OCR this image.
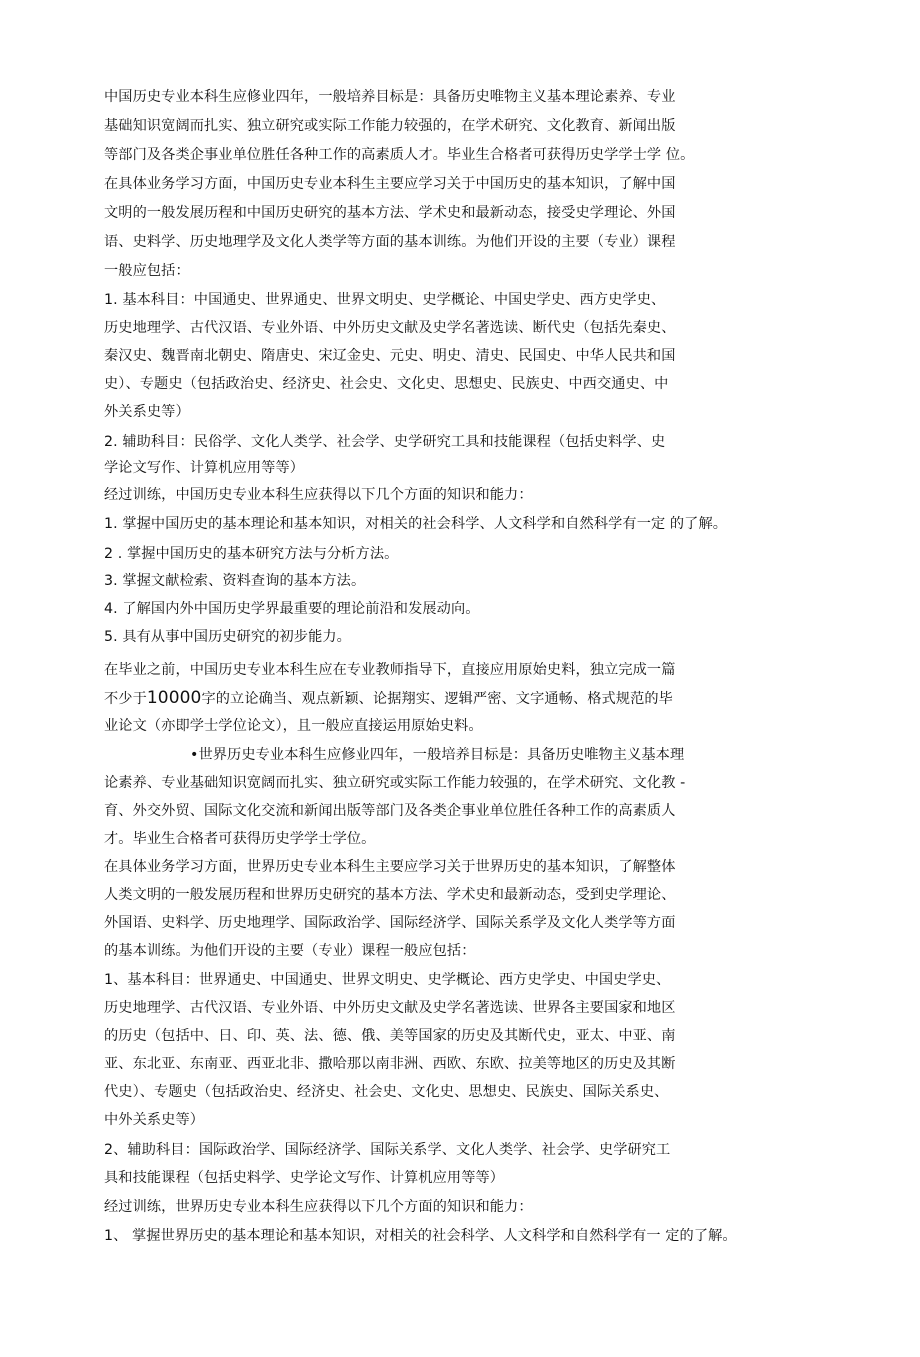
中国历史专业本科生应修业四年，一般培养目标是：具备历史唯物主义基本理论素养、专业

基础知识宽阔而扎实、独立研究或实际工作能力较强的，在学术研究、文化教育、新闻出版

等部门及各类企事业单位胜任各种工作的高素质人才。毕业生合格者可获得历史学学士学 位。

在具体业务学习方面，中国历史专业本科生主要应学习关于中国历史的基本知识，了解中国

文明的一般发展历程和中国历史研究的基本方法、学术史和最新动态，接受史学理论、外国

语、史料学、历史地理学及文化人类学等方面的基本训练。为他们开设的主要（专业）课程

一般应包括：

1. 基本科目：中国通史、世界通史、世界文明史、史学概论、中国史学史、西方史学史、

历史地理学、古代汉语、专业外语、中外历史文献及史学名著选读、断代史（包括先秦史、

秦汉史、魏晋南北朝史、隋唐史、宋辽金史、元史、明史、清史、民国史、中华人民共和国

史）、专题史（包括政治史、经济史、社会史、文化史、思想史、民族史、中西交通史、中

外关系史等）

2. 辅助科目：民俗学、文化人类学、社会学、史学研究工具和技能课程（包括史料学、史

学论文写作、计算机应用等等）

经过训练，中国历史专业本科生应获得以下几个方面的知识和能力：

1. 掌握中国历史的基本理论和基本知识，对相关的社会科学、人文科学和自然科学有一定 的了解。

2 . 掌握中国历史的基本研究方法与分析方法。

3. 掌握文献检索、资料查询的基本方法。

4. 了解国内外中国历史学界最重要的理论前沿和发展动向。

5. 具有从事中国历史研究的初步能力。

在毕业之前，中国历史专业本科生应在专业教师指导下，直接应用原始史料，独立完成一篇

不少于10000字的立论确当、观点新颖、论据翔实、逻辑严密、文字通畅、格式规范的毕

业论文（亦即学士学位论文），且一般应直接运用原始史料。

•世界历史专业本科生应修业四年，一般培养目标是：具备历史唯物主义基本理

论素养、专业基础知识宽阔而扎实、独立研究或实际工作能力较强的，在学术研究、文化教 -

育、外交外贸、国际文化交流和新闻出版等部门及各类企事业单位胜任各种工作的高素质人

才。毕业生合格者可获得历史学学士学位。

在具体业务学习方面，世界历史专业本科生主要应学习关于世界历史的基本知识，了解整体

人类文明的一般发展历程和世界历史研究的基本方法、学术史和最新动态，受到史学理论、

外国语、史料学、历史地理学、国际政治学、国际经济学、国际关系学及文化人类学等方面

的基本训练。为他们开设的主要（专业）课程一般应包括：

1、基本科目：世界通史、中国通史、世界文明史、史学概论、西方史学史、中国史学史、

历史地理学、古代汉语、专业外语、中外历史文献及史学名著选读、世界各主要国家和地区

的历史（包括中、日、印、英、法、德、俄、美等国家的历史及其断代史，亚太、中亚、南

亚、东北亚、东南亚、西亚北非、撒哈那以南非洲、西欧、东欧、拉美等地区的历史及其断

代史）、专题史（包括政治史、经济史、社会史、文化史、思想史、民族史、国际关系史、

中外关系史等）

2、辅助科目：国际政治学、国际经济学、国际关系学、文化人类学、社会学、史学研究工

具和技能课程（包括史料学、史学论文写作、计算机应用等等）

经过训练，世界历史专业本科生应获得以下几个方面的知识和能力：

1、 掌握世界历史的基本理论和基本知识，对相关的社会科学、人文科学和自然科学有一 定的了解。
